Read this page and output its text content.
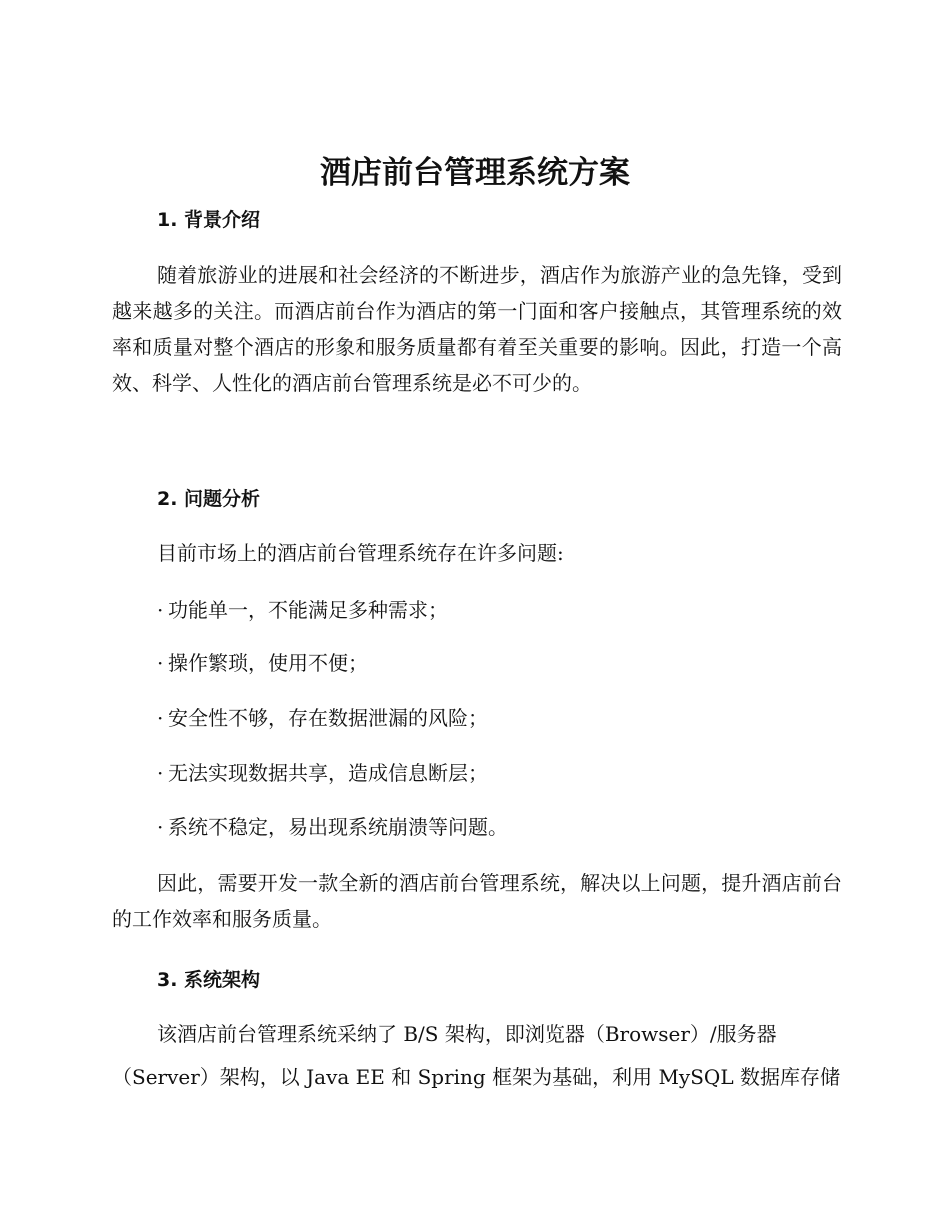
酒店前台管理系统方案
1. 背景介绍

随着旅游业的进展和社会经济的不断进步，酒店作为旅游产业的急先锋，受到越来越多的关注。而酒店前台作为酒店的第一门面和客户接触点，其管理系统的效率和质量对整个酒店的形象和服务质量都有着至关重要的影响。因此，打造一个高效、科学、人性化的酒店前台管理系统是必不可少的。

2. 问题分析

目前市场上的酒店前台管理系统存在许多问题:

· 功能单一，不能满足多种需求；

· 操作繁琐，使用不便；

· 安全性不够，存在数据泄漏的风险；

· 无法实现数据共享，造成信息断层；

· 系统不稳定，易出现系统崩溃等问题。

因此，需要开发一款全新的酒店前台管理系统，解决以上问题，提升酒店前台的工作效率和服务质量。

3. 系统架构

该酒店前台管理系统采纳了 B/S 架构，即浏览器（Browser）/服务器

（Server）架构，以 Java EE 和 Spring 框架为基础，利用 MySQL 数据库存储
